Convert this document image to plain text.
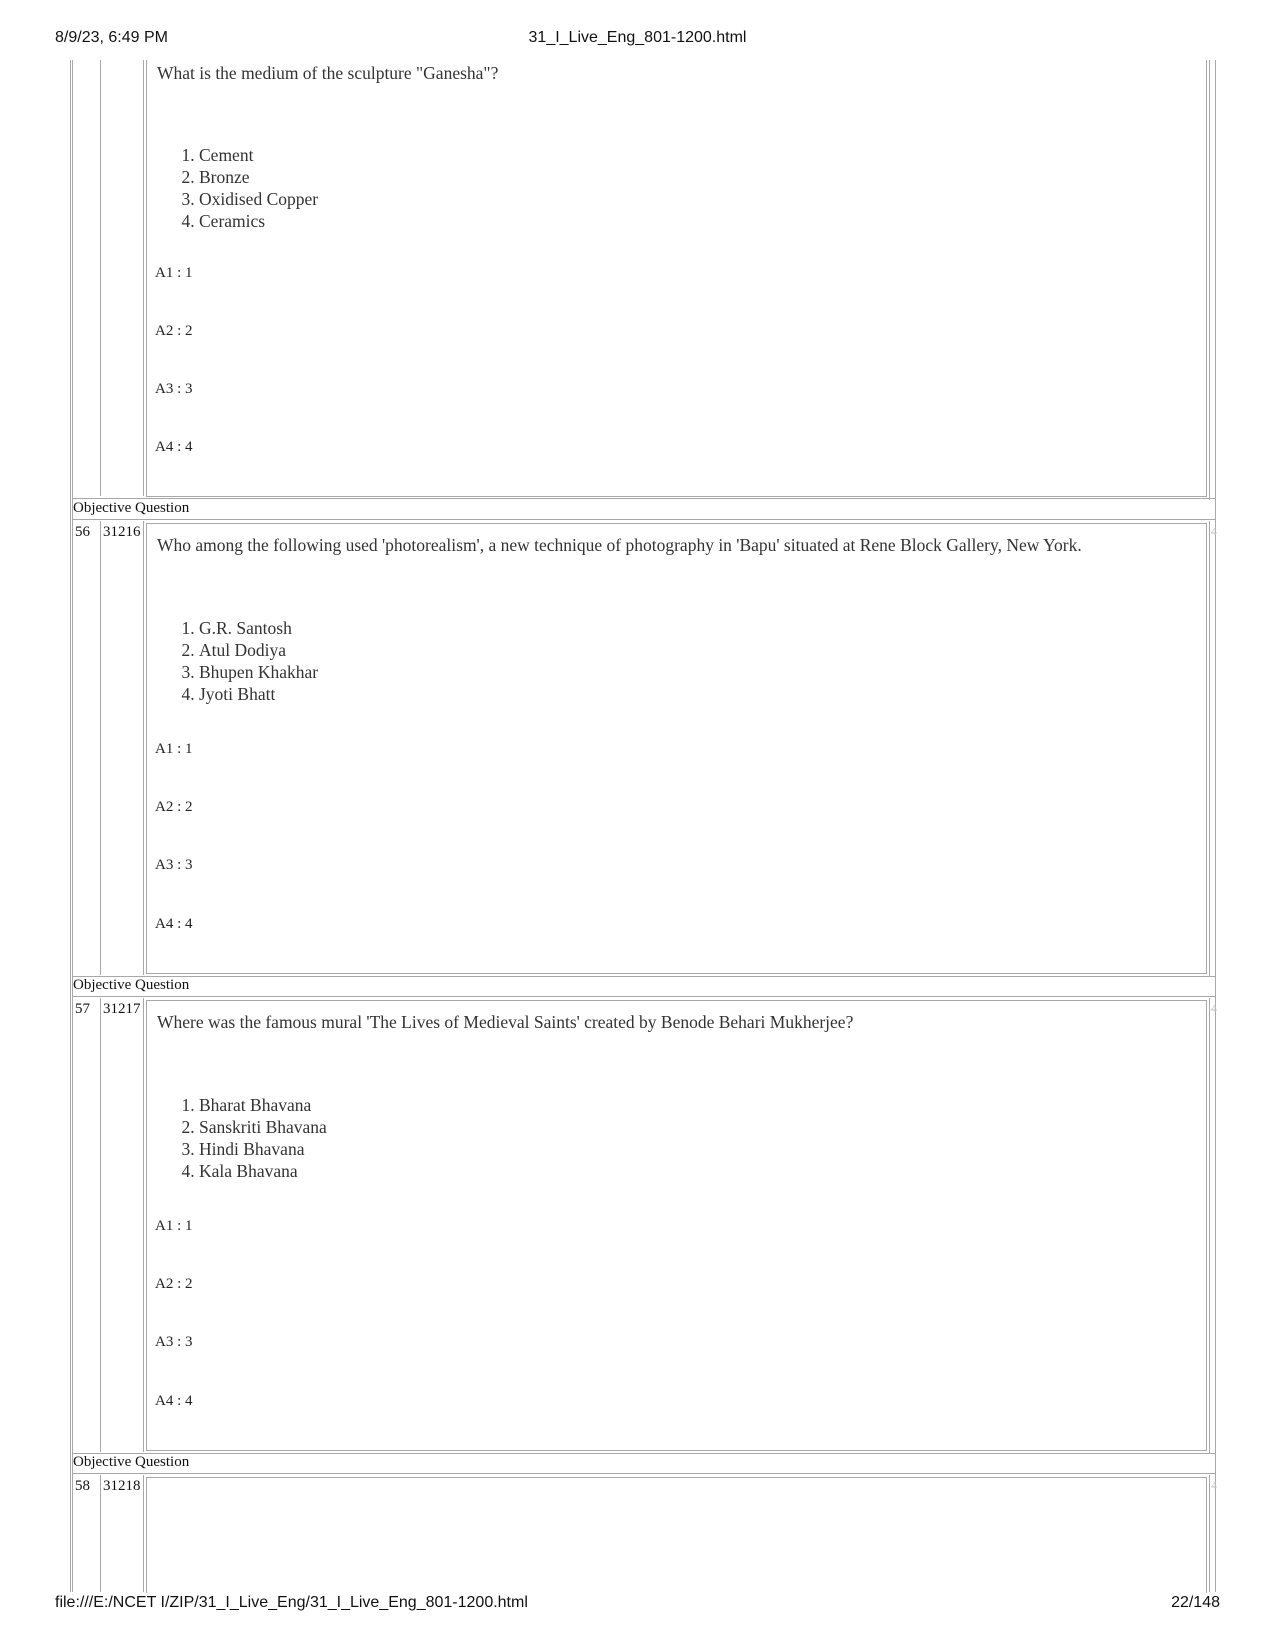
8/9/23, 6:49 PM	31_I_Live_Eng_801-1200.html
What is the medium of the sculpture "Ganesha"?
1. Cement
2. Bronze
3. Oxidised Copper
4. Ceramics
A1 : 1
A2 : 2
A3 : 3
A4 : 4
Objective Question
56 31216	4
Who among the following used 'photorealism', a new technique of photography in 'Bapu' situated at Rene Block Gallery, New York.
1. G.R. Santosh
2. Atul Dodiya
3. Bhupen Khakhar
4. Jyoti Bhatt
A1 : 1
A2 : 2
A3 : 3
A4 : 4
Objective Question
57 31217	4
Where was the famous mural 'The Lives of Medieval Saints' created by Benode Behari Mukherjee?
1. Bharat Bhavana
2. Sanskriti Bhavana
3. Hindi Bhavana
4. Kala Bhavana
A1 : 1
A2 : 2
A3 : 3
A4 : 4
Objective Question
58 31218	4
file:///E:/NCET I/ZIP/31_I_Live_Eng/31_I_Live_Eng_801-1200.html	22/148
